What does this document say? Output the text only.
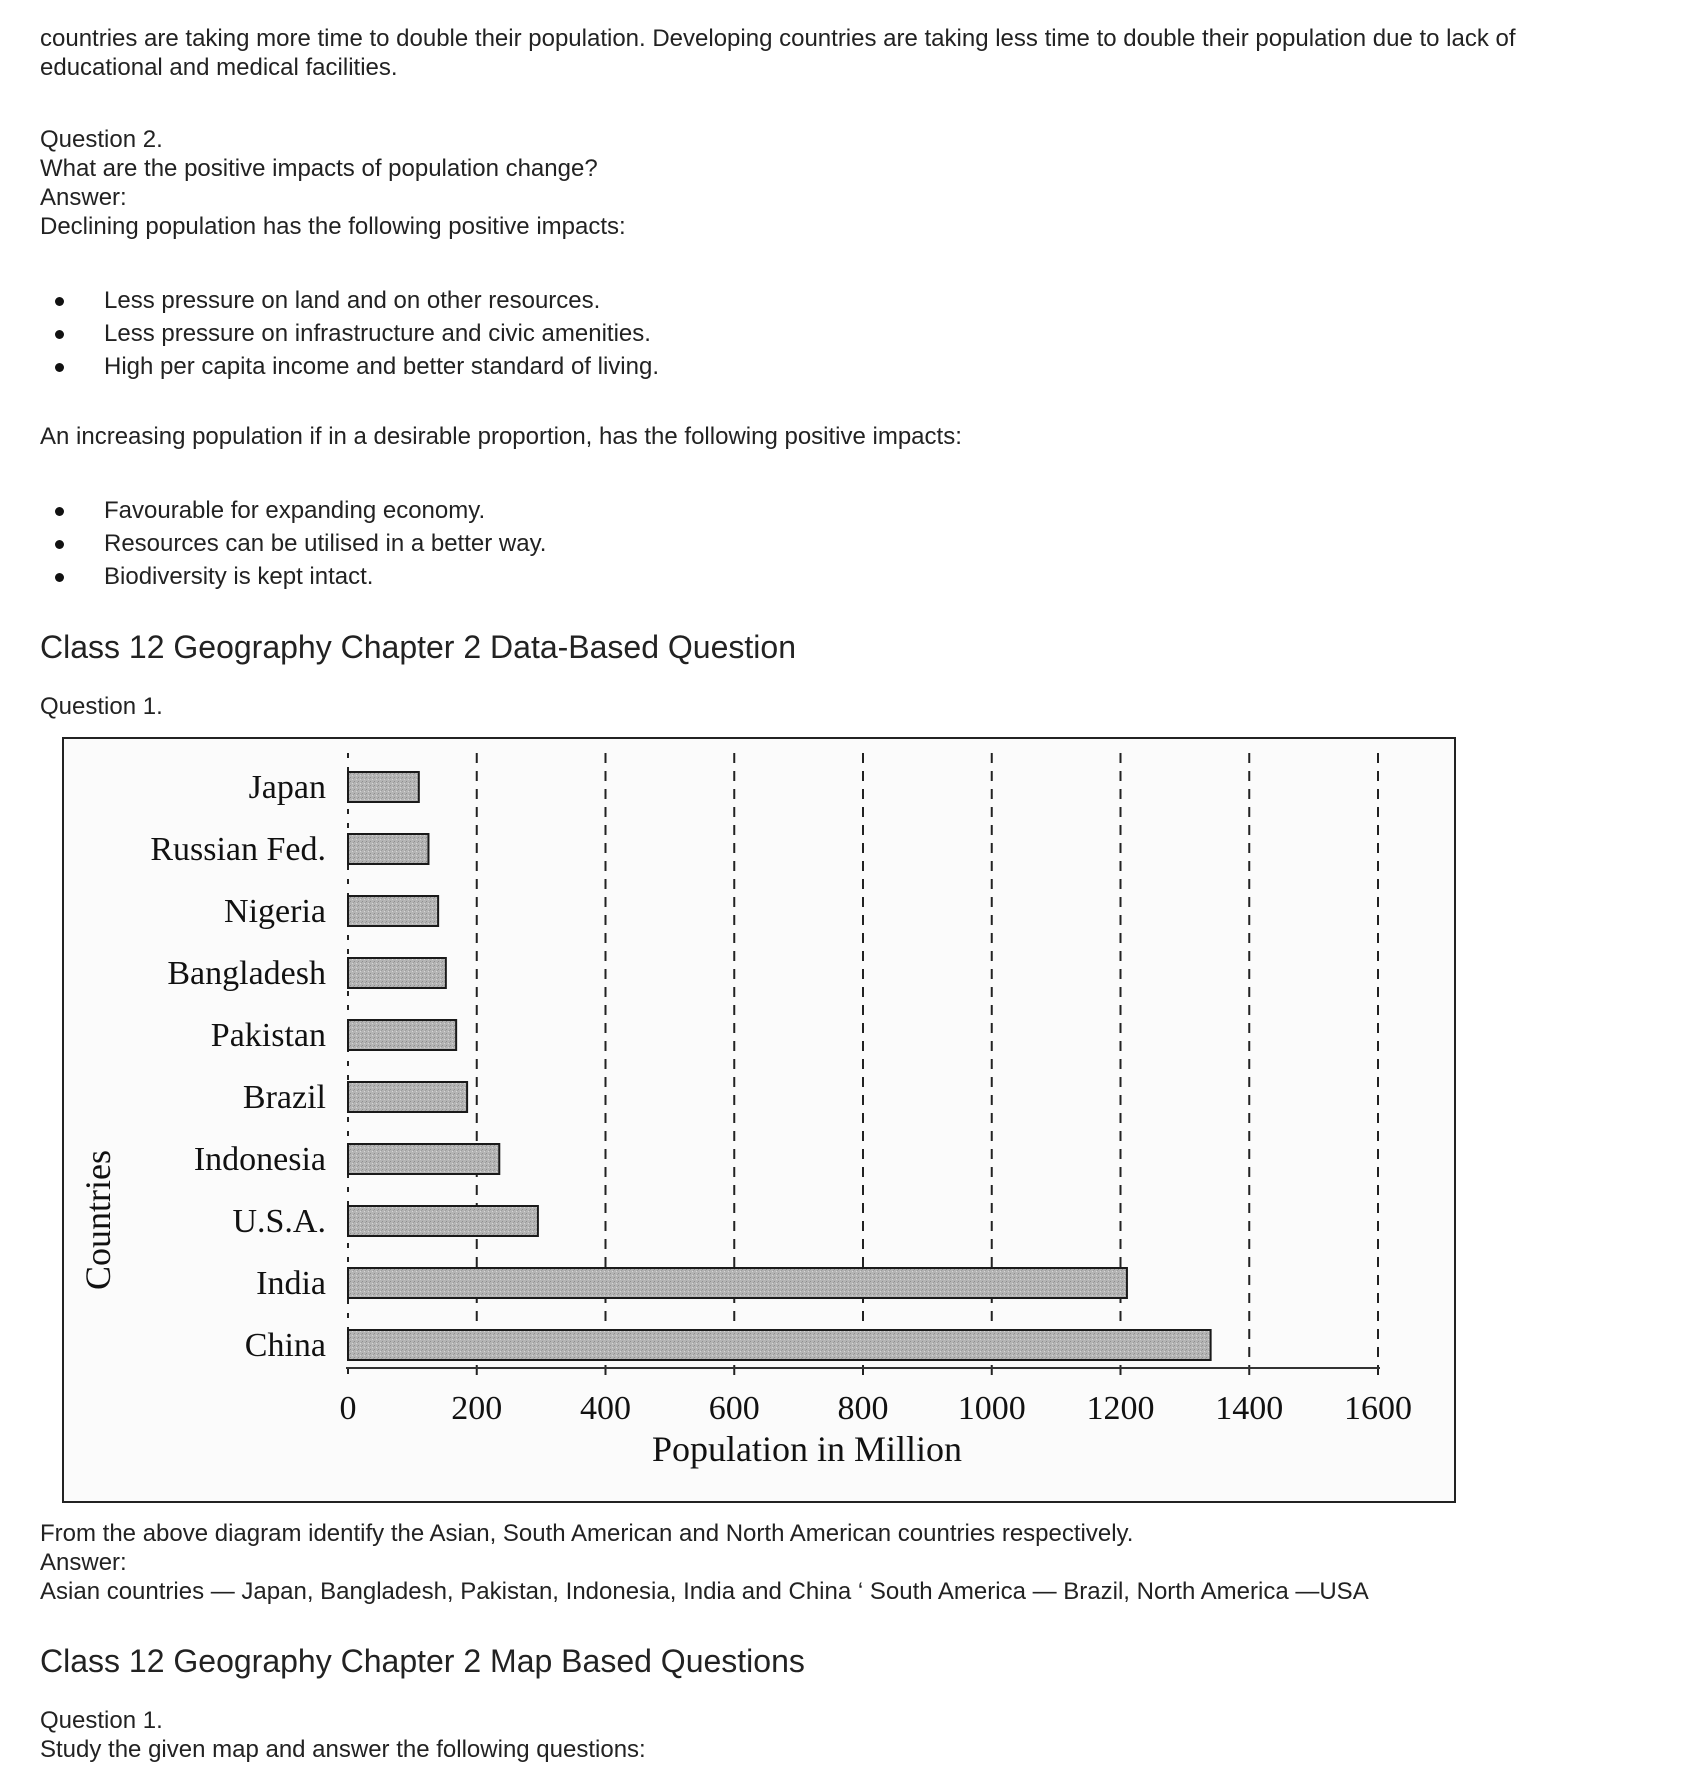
countries are taking more time to double their population. Developing countries are taking less time to double their population due to lack of educational and medical facilities.

Question 2.

What are the positive impacts of population change?

Answer:

Declining population has the following positive impacts:

Less pressure on land and on other resources.
Less pressure on infrastructure and civic amenities.
High per capita income and better standard of living.

An increasing population if in a desirable proportion, has the following positive impacts:

Favourable for expanding economy.
Resources can be utilised in a better way.
Biodiversity is kept intact.
Class 12 Geography Chapter 2 Data-Based Question

Question 1.

Japan
Russian Fed.
Nigeria
Bangladesh
Pakistan
Brazil
Indonesia
U.S.A.
India
China
0	200 400 600 800 1000 1200 1400 1600
Population in Million
Countries

From the above diagram identify the Asian, South American and North American countries respectively.

Answer:

Asian countries — Japan, Bangladesh, Pakistan, Indonesia, India and China ‘ South America — Brazil, North America —USA

Class 12 Geography Chapter 2 Map Based Questions

Question 1.

Study the given map and answer the following questions:
